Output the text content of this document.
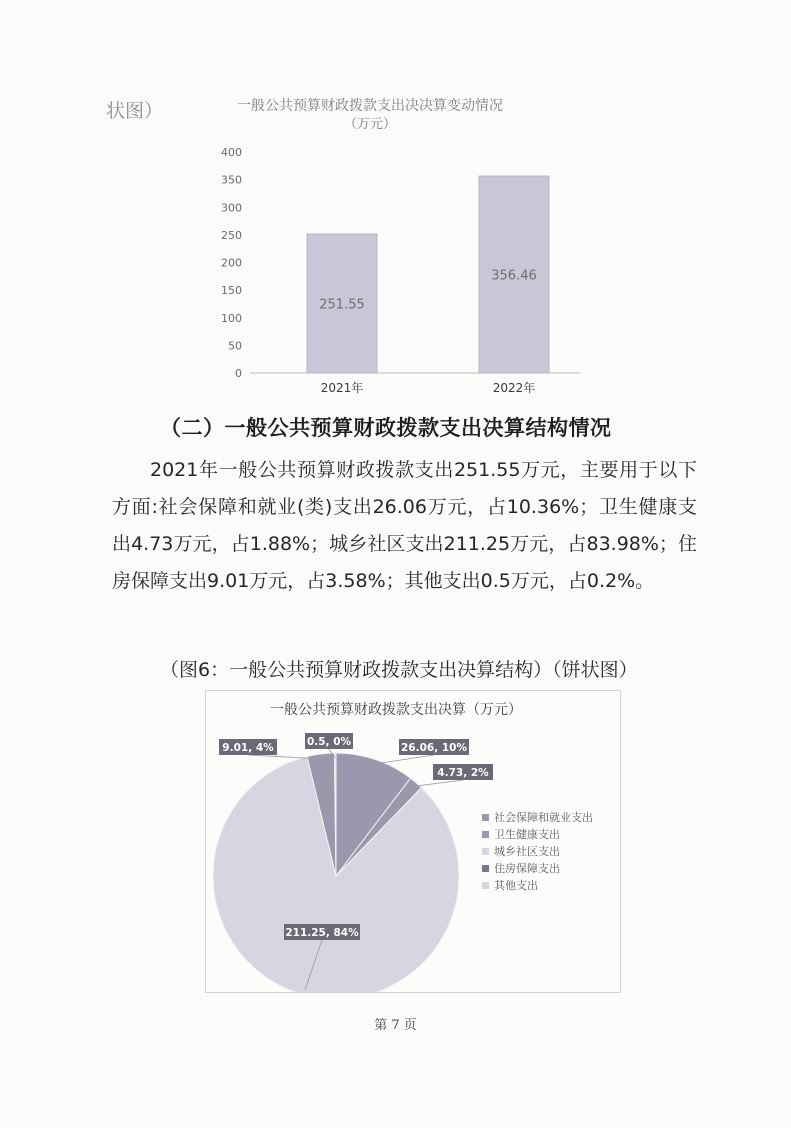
状图）	一般公共预算财政拨款支出决决算变动情况
（万元）
0
50
100
150
200
250
300
350
400
251.55
2021年
356.46
2022年
（二）一般公共预算财政拨款支出决算结构情况
2021年一般公共预算财政拨款支出251.55万元，主要用于以下方面:社会保障和就业(类)支出26.06万元，占10.36%；卫生健康支出4.73万元，占1.88%；城乡社区支出211.25万元，占83.98%；住房保障支出9.01万元，占3.58%；其他支出0.5万元，占0.2%。
（图6：一般公共预算财政拨款支出决算结构）（饼状图）
一般公共预算财政拨款支出决算（万元）
26.06, 10%
4.73, 2%
211.25, 84%
9.01, 4%	0.5, 0%
社会保障和就业支出
卫生健康支出
城乡社区支出
住房保障支出
其他支出
第 7 页
